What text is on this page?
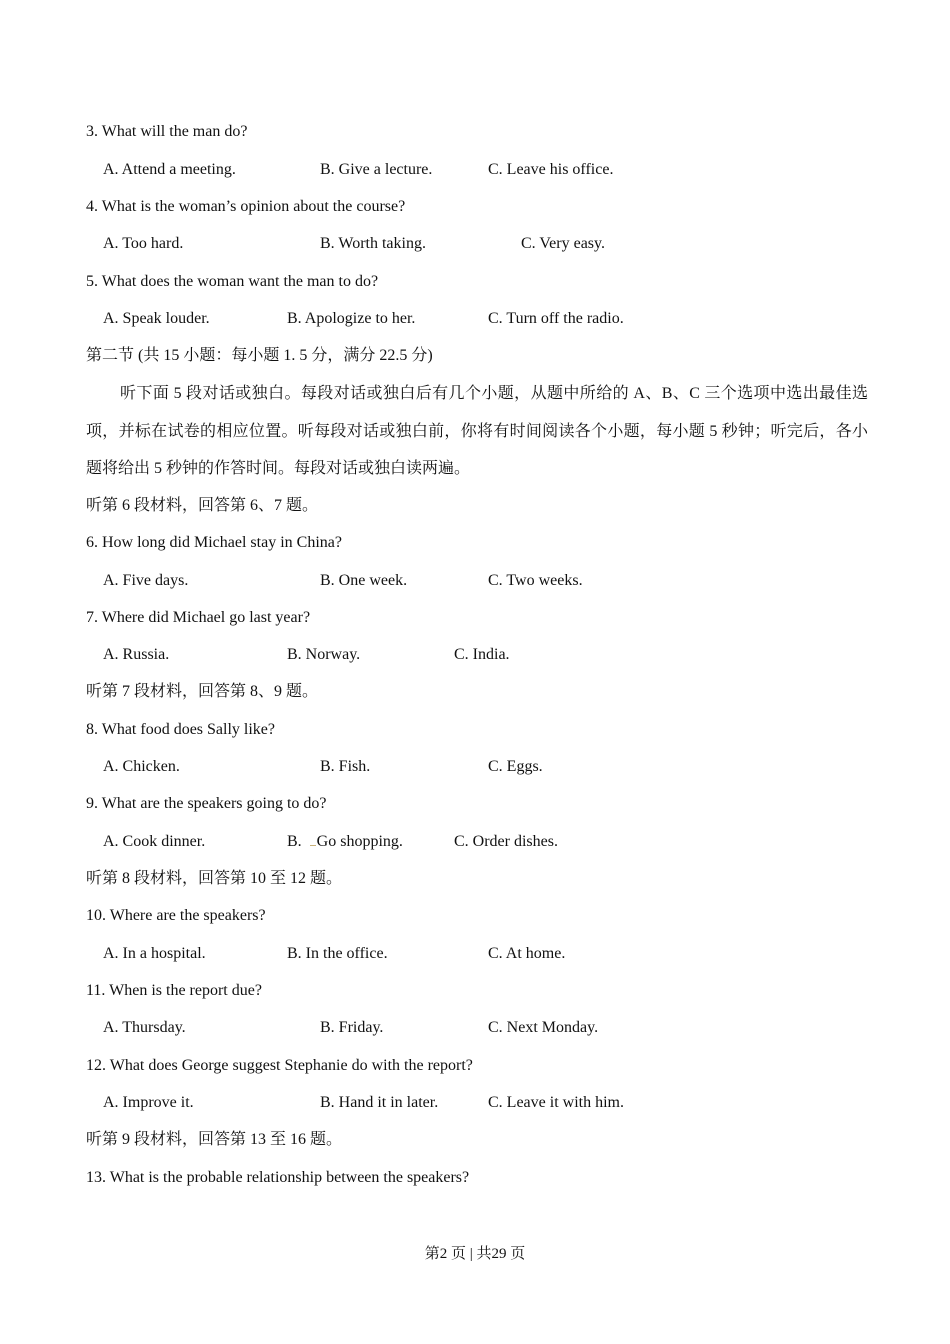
3. What will the man do?
A. Attend a meeting.	B. Give a lecture.	C. Leave his office.
4. What is the woman’s opinion about the course?
A. Too hard.	B. Worth taking.	C. Very easy.
5. What does the woman want the man to do?
A. Speak louder.	B. Apologize to her.	C. Turn off the radio.
第二节 (共 15 小题：每小题 1. 5 分，满分 22.5 分)
听下面 5 段对话或独白。每段对话或独白后有几个小题，从题中所给的 A、B、C 三个选项中选出最佳选项，并标在试卷的相应位置。听每段对话或独白前，你将有时间阅读各个小题，每小题 5 秒钟；听完后，各小题将给出 5 秒钟的作答时间。每段对话或独白读两遍。
听第 6 段材料，回答第 6、7 题。
6. How long did Michael stay in China?
A. Five days.	B. One week.	C. Two weeks.
7. Where did Michael go last year?
A. Russia.	B. Norway.	C. India.
听第 7 段材料，回答第 8、9 题。
8. What food does Sally like?
A. Chicken.	B. Fish.	C. Eggs.
9. What are the speakers going to do?
A. Cook dinner.	B. Go shopping.	C. Order dishes.
听第 8 段材料，回答第 10 至 12 题。
10. Where are the speakers?
A. In a hospital.	B. In the office.	C. At home.
11. When is the report due?
A. Thursday.	B. Friday.	C. Next Monday.
12. What does George suggest Stephanie do with the report?
A. Improve it.	B. Hand it in later.	C. Leave it with him.
听第 9 段材料，回答第 13 至 16 题。
13. What is the probable relationship between the speakers?
第2 页 | 共29 页
